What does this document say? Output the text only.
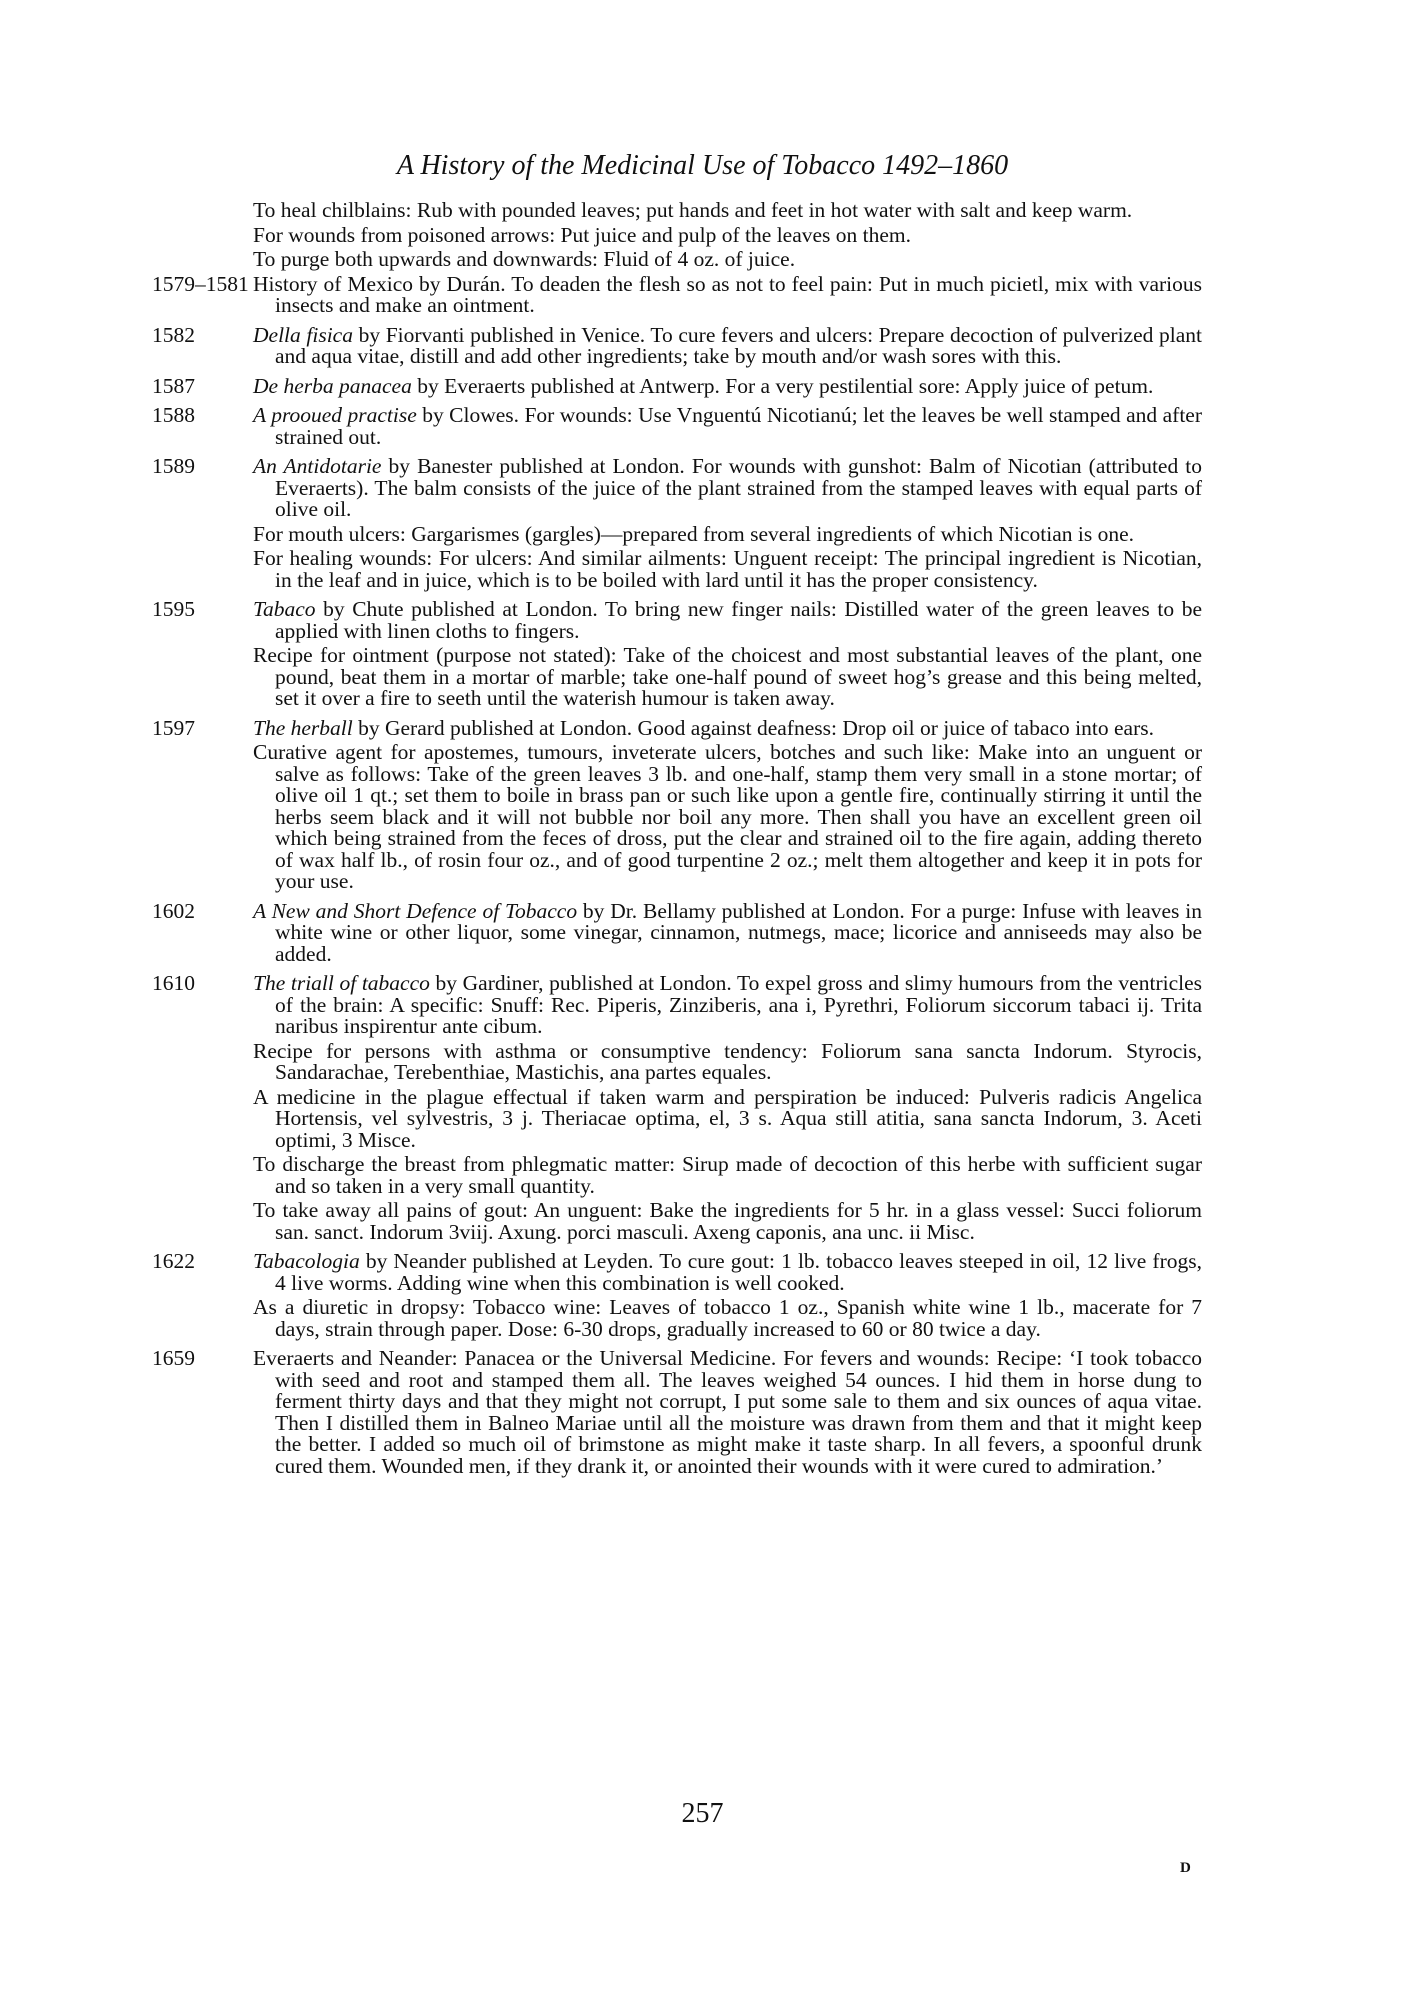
A History of the Medicinal Use of Tobacco 1492–1860

To heal chilblains: Rub with pounded leaves; put hands and feet in hot water with salt and keep warm.

For wounds from poisoned arrows: Put juice and pulp of the leaves on them.

To purge both upwards and downwards: Fluid of 4 oz. of juice.

1579–1581 History of Mexico by Durán. To deaden the flesh so as not to feel pain: Put in much picietl, mix with various insects and make an ointment.

1582	Della fisica by Fiorvanti published in Venice. To cure fevers and ulcers: Prepare decoction of pulverized plant and aqua vitae, distill and add other ingredients; take by mouth and/or wash sores with this.

1587	De herba panacea by Everaerts published at Antwerp. For a very pestilential sore: Apply juice of petum.

1588	A prooued practise by Clowes. For wounds: Use Vnguentú Nicotianú; let the leaves be well stamped and after strained out.

1589	An Antidotarie by Banester published at London. For wounds with gunshot: Balm of Nicotian (attributed to Everaerts). The balm consists of the juice of the plant strained from the stamped leaves with equal parts of olive oil.

For mouth ulcers: Gargarismes (gargles)—prepared from several ingredients of which Nicotian is one.

For healing wounds: For ulcers: And similar ailments: Unguent receipt: The principal ingredient is Nicotian, in the leaf and in juice, which is to be boiled with lard until it has the proper consistency.

1595	Tabaco by Chute published at London. To bring new finger nails: Distilled water of the green leaves to be applied with linen cloths to fingers.

Recipe for ointment (purpose not stated): Take of the choicest and most substantial leaves of the plant, one pound, beat them in a mortar of marble; take one-half pound of sweet hog’s grease and this being melted, set it over a fire to seeth until the waterish humour is taken away.

1597	The herball by Gerard published at London. Good against deafness: Drop oil or juice of tabaco into ears.

Curative agent for apostemes, tumours, inveterate ulcers, botches and such like: Make into an unguent or salve as follows: Take of the green leaves 3 lb. and one-half, stamp them very small in a stone mortar; of olive oil 1 qt.; set them to boile in brass pan or such like upon a gentle fire, continually stirring it until the herbs seem black and it will not bubble nor boil any more. Then shall you have an excellent green oil which being strained from the feces of dross, put the clear and strained oil to the fire again, adding thereto of wax half lb., of rosin four oz., and of good turpentine 2 oz.; melt them altogether and keep it in pots for your use.

1602	A New and Short Defence of Tobacco by Dr. Bellamy published at London. For a purge: Infuse with leaves in white wine or other liquor, some vinegar, cinnamon, nutmegs, mace; licorice and anniseeds may also be added.

1610	The triall of tabacco by Gardiner, published at London. To expel gross and slimy humours from the ventricles of the brain: A specific: Snuff: Rec. Piperis, Zinziberis, ana i, Pyrethri, Foliorum siccorum tabaci ij. Trita naribus inspirentur ante cibum.

Recipe for persons with asthma or consumptive tendency: Foliorum sana sancta Indorum. Styrocis, Sandarachae, Terebenthiae, Mastichis, ana partes equales.

A medicine in the plague effectual if taken warm and perspiration be induced: Pulveris radicis Angelica Hortensis, vel sylvestris, 3 j. Theriacae optima, el, 3 s. Aqua still atitia, sana sancta Indorum, 3. Aceti optimi, 3 Misce.

To discharge the breast from phlegmatic matter: Sirup made of decoction of this herbe with sufficient sugar and so taken in a very small quantity.

To take away all pains of gout: An unguent: Bake the ingredients for 5 hr. in a glass vessel: Succi foliorum san. sanct. Indorum 3viij. Axung. porci masculi. Axeng caponis, ana unc. ii Misc.

1622	Tabacologia by Neander published at Leyden. To cure gout: 1 lb. tobacco leaves steeped in oil, 12 live frogs, 4 live worms. Adding wine when this combination is well cooked.

As a diuretic in dropsy: Tobacco wine: Leaves of tobacco 1 oz., Spanish white wine 1 lb., macerate for 7 days, strain through paper. Dose: 6-30 drops, gradually increased to 60 or 80 twice a day.

1659	Everaerts and Neander: Panacea or the Universal Medicine. For fevers and wounds: Recipe: ‘I took tobacco with seed and root and stamped them all. The leaves weighed 54 ounces. I hid them in horse dung to ferment thirty days and that they might not corrupt, I put some sale to them and six ounces of aqua vitae. Then I distilled them in Balneo Mariae until all the moisture was drawn from them and that it might keep the better. I added so much oil of brimstone as might make it taste sharp. In all fevers, a spoonful drunk cured them. Wounded men, if they drank it, or anointed their wounds with it were cured to admiration.’

257
D
